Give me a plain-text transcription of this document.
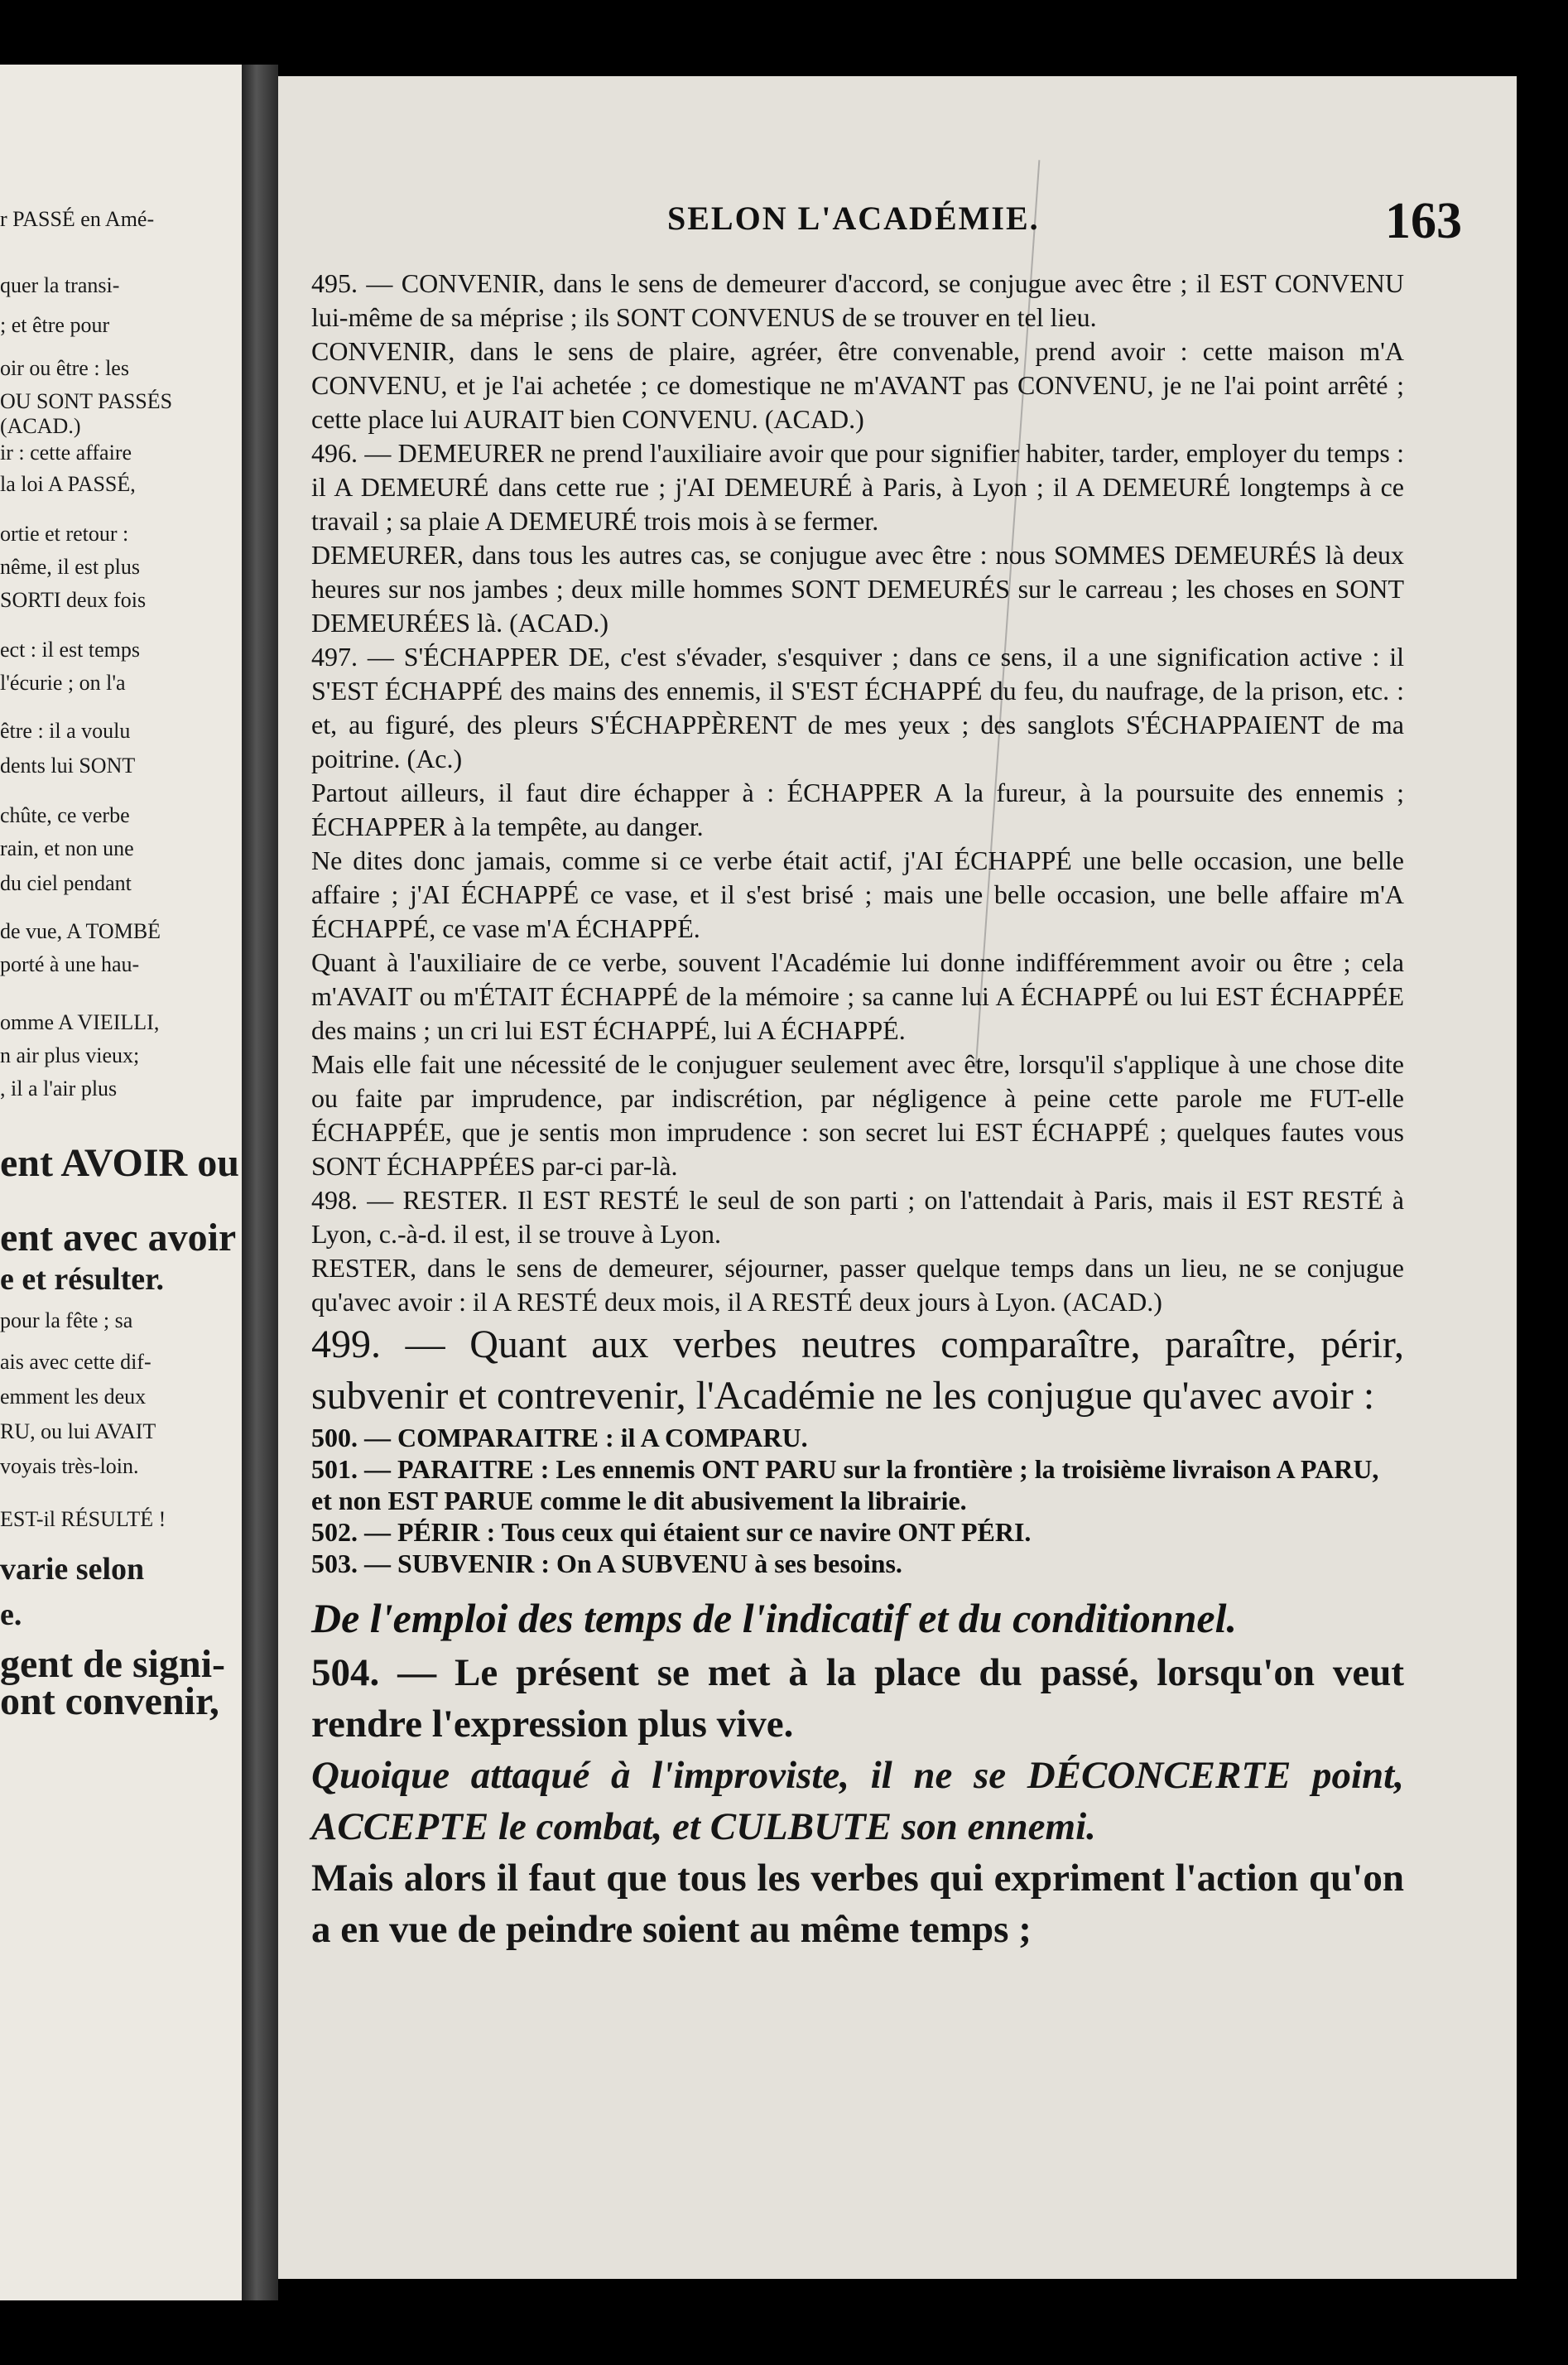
r PASSÉ en Amé-
quer la transi-
; et être pour
oir ou être : les
OU SONT PASSÉS
(ACAD.)
ir : cette affaire
la loi A PASSÉ,
ortie et retour :
nême, il est plus
SORTI deux fois
ect : il est temps
l'écurie ; on l'a
être : il a voulu
dents lui SONT
chûte, ce verbe
rain, et non une
du ciel pendant
de vue, A TOMBÉ
porté à une hau-
omme A VIEILLI,
n air plus vieux;
, il a l'air plus
ent AVOIR ou
ent avec avoir
e et résulter.
pour la fête ; sa
ais avec cette dif-
emment les deux
RU, ou lui AVAIT
voyais très-loin.
EST-il RÉSULTÉ !
varie selon
e.
gent de signi-
ont convenir,
SELON L'ACADÉMIE.	163

495. — CONVENIR, dans le sens de demeurer d'accord, se conjugue avec être ; il EST CONVENU lui-même de sa méprise ; ils SONT CONVENUS de se trouver en tel lieu.

CONVENIR, dans le sens de plaire, agréer, être convenable, prend avoir : cette maison m'A CONVENU, et je l'ai achetée ; ce domestique ne m'AVANT pas CONVENU, je ne l'ai point arrêté ; cette place lui AURAIT bien CONVENU. (ACAD.)

496. — DEMEURER ne prend l'auxiliaire avoir que pour signifier habiter, tarder, employer du temps : il A DEMEURÉ dans cette rue ; j'AI DEMEURÉ à Paris, à Lyon ; il A DEMEURÉ longtemps à ce travail ; sa plaie A DEMEURÉ trois mois à se fermer.

DEMEURER, dans tous les autres cas, se conjugue avec être : nous SOMMES DEMEURÉS là deux heures sur nos jambes ; deux mille hommes SONT DEMEURÉS sur le carreau ; les choses en SONT DEMEURÉES là. (ACAD.)

497. — S'ÉCHAPPER DE, c'est s'évader, s'esquiver ; dans ce sens, il a une signification active : il S'EST ÉCHAPPÉ des mains des ennemis, il S'EST ÉCHAPPÉ du feu, du naufrage, de la prison, etc. : et, au figuré, des pleurs S'ÉCHAPPÈRENT de mes yeux ; des sanglots S'ÉCHAPPAIENT de ma poitrine. (Ac.)

Partout ailleurs, il faut dire échapper à : ÉCHAPPER A la fureur, à la poursuite des ennemis ; ÉCHAPPER à la tempête, au danger.

Ne dites donc jamais, comme si ce verbe était actif, j'AI ÉCHAPPÉ une belle occasion, une belle affaire ; j'AI ÉCHAPPÉ ce vase, et il s'est brisé ; mais une belle occasion, une belle affaire m'A ÉCHAPPÉ, ce vase m'A ÉCHAPPÉ.

Quant à l'auxiliaire de ce verbe, souvent l'Académie lui donne indifféremment avoir ou être ; cela m'AVAIT ou m'ÉTAIT ÉCHAPPÉ de la mémoire ; sa canne lui A ÉCHAPPÉ ou lui EST ÉCHAPPÉE des mains ; un cri lui EST ÉCHAPPÉ, lui A ÉCHAPPÉ.

Mais elle fait une nécessité de le conjuguer seulement avec être, lorsqu'il s'applique à une chose dite ou faite par imprudence, par indiscrétion, par négligence à peine cette parole me FUT-elle ÉCHAPPÉE, que je sentis mon imprudence : son secret lui EST ÉCHAPPÉ ; quelques fautes vous SONT ÉCHAPPÉES par-ci par-là.

498. — RESTER. Il EST RESTÉ le seul de son parti ; on l'attendait à Paris, mais il EST RESTÉ à Lyon, c.-à-d. il est, il se trouve à Lyon.

RESTER, dans le sens de demeurer, séjourner, passer quelque temps dans un lieu, ne se conjugue qu'avec avoir : il A RESTÉ deux mois, il A RESTÉ deux jours à Lyon. (ACAD.)

499. — Quant aux verbes neutres comparaître, paraître, périr, subvenir et contrevenir, l'Académie ne les conjugue qu'avec avoir :

500. — COMPARAITRE : il A COMPARU.

501. — PARAITRE : Les ennemis ONT PARU sur la frontière ; la troisième livraison A PARU, et non EST PARUE comme le dit abusivement la librairie.

502. — PÉRIR : Tous ceux qui étaient sur ce navire ONT PÉRI.

503. — SUBVENIR : On A SUBVENU à ses besoins.

De l'emploi des temps de l'indicatif et du conditionnel.

504. — Le présent se met à la place du passé, lorsqu'on veut rendre l'expression plus vive.

Quoique attaqué à l'improviste, il ne se DÉCONCERTE point, ACCEPTE le combat, et CULBUTE son ennemi.

Mais alors il faut que tous les verbes qui expriment l'action qu'on a en vue de peindre soient au même temps ;
